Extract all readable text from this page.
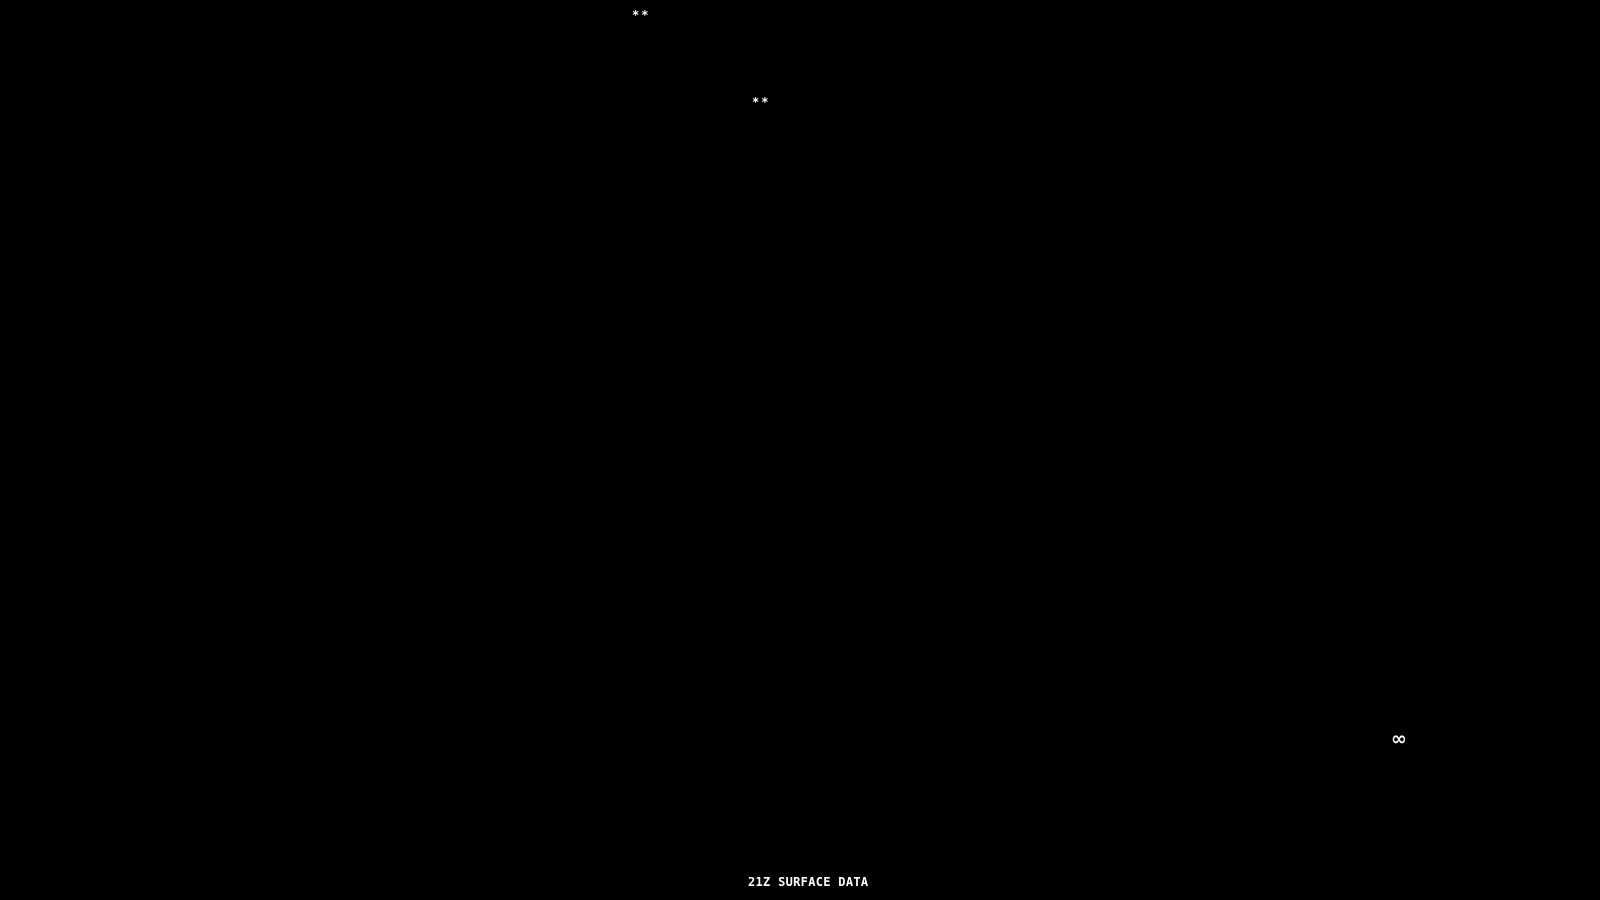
**
**
∞
21Z SURFACE DATA
